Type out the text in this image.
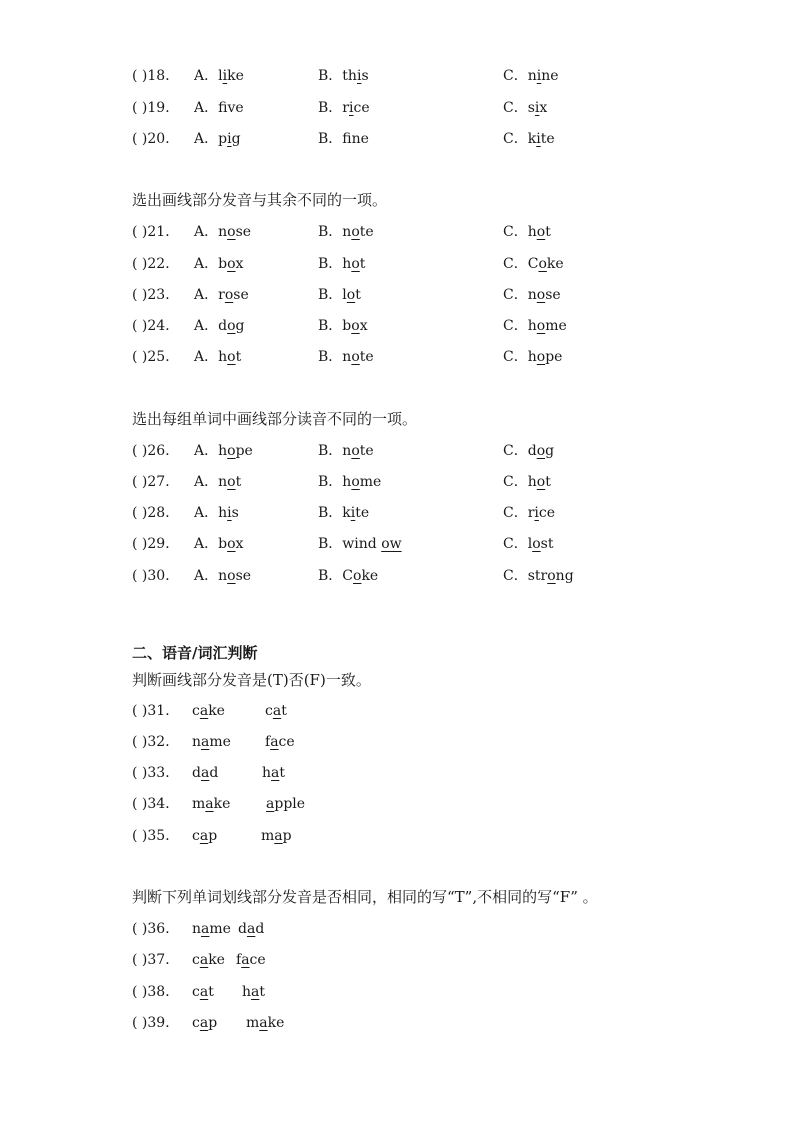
( )18． A．like	B．this	C．nine
( )19． A．fve	B．rice	C．six
( )20． A．pig	B．fne	C．kite
选出画线部分发音与其余不同的一项。
( )21． A．nose	B．note	C．hot
( )22． A．box	B．hot	C．Coke
( )23． A．rose	B．lot	C．nose
( )24． A．dog	B．box	C．home
( )25． A．hot	B．note	C．hope
选出每组单词中画线部分读音不同的一项。
( )26． A．hope	B．note	C．dog
( )27． A．not	B．home	C．hot
( )28． A．his	B．kite	C．rice
( )29． A．box	B．wind ow	C．lost
( )30． A．nose	B．Coke	C．strong
二、语音/词汇判断
判断画线部分发音是(T)否(F)一致。
( )31． cake	cat
( )32． name face
( )33． dad	hat
( )34． make	apple
( )35． cap	map
判断下列单词划线部分发音是否相同，相同的写“T”,不相同的写“F” 。
( )36． name dad
( )37． cake face
( )38． cat hat
( )39． cap make
